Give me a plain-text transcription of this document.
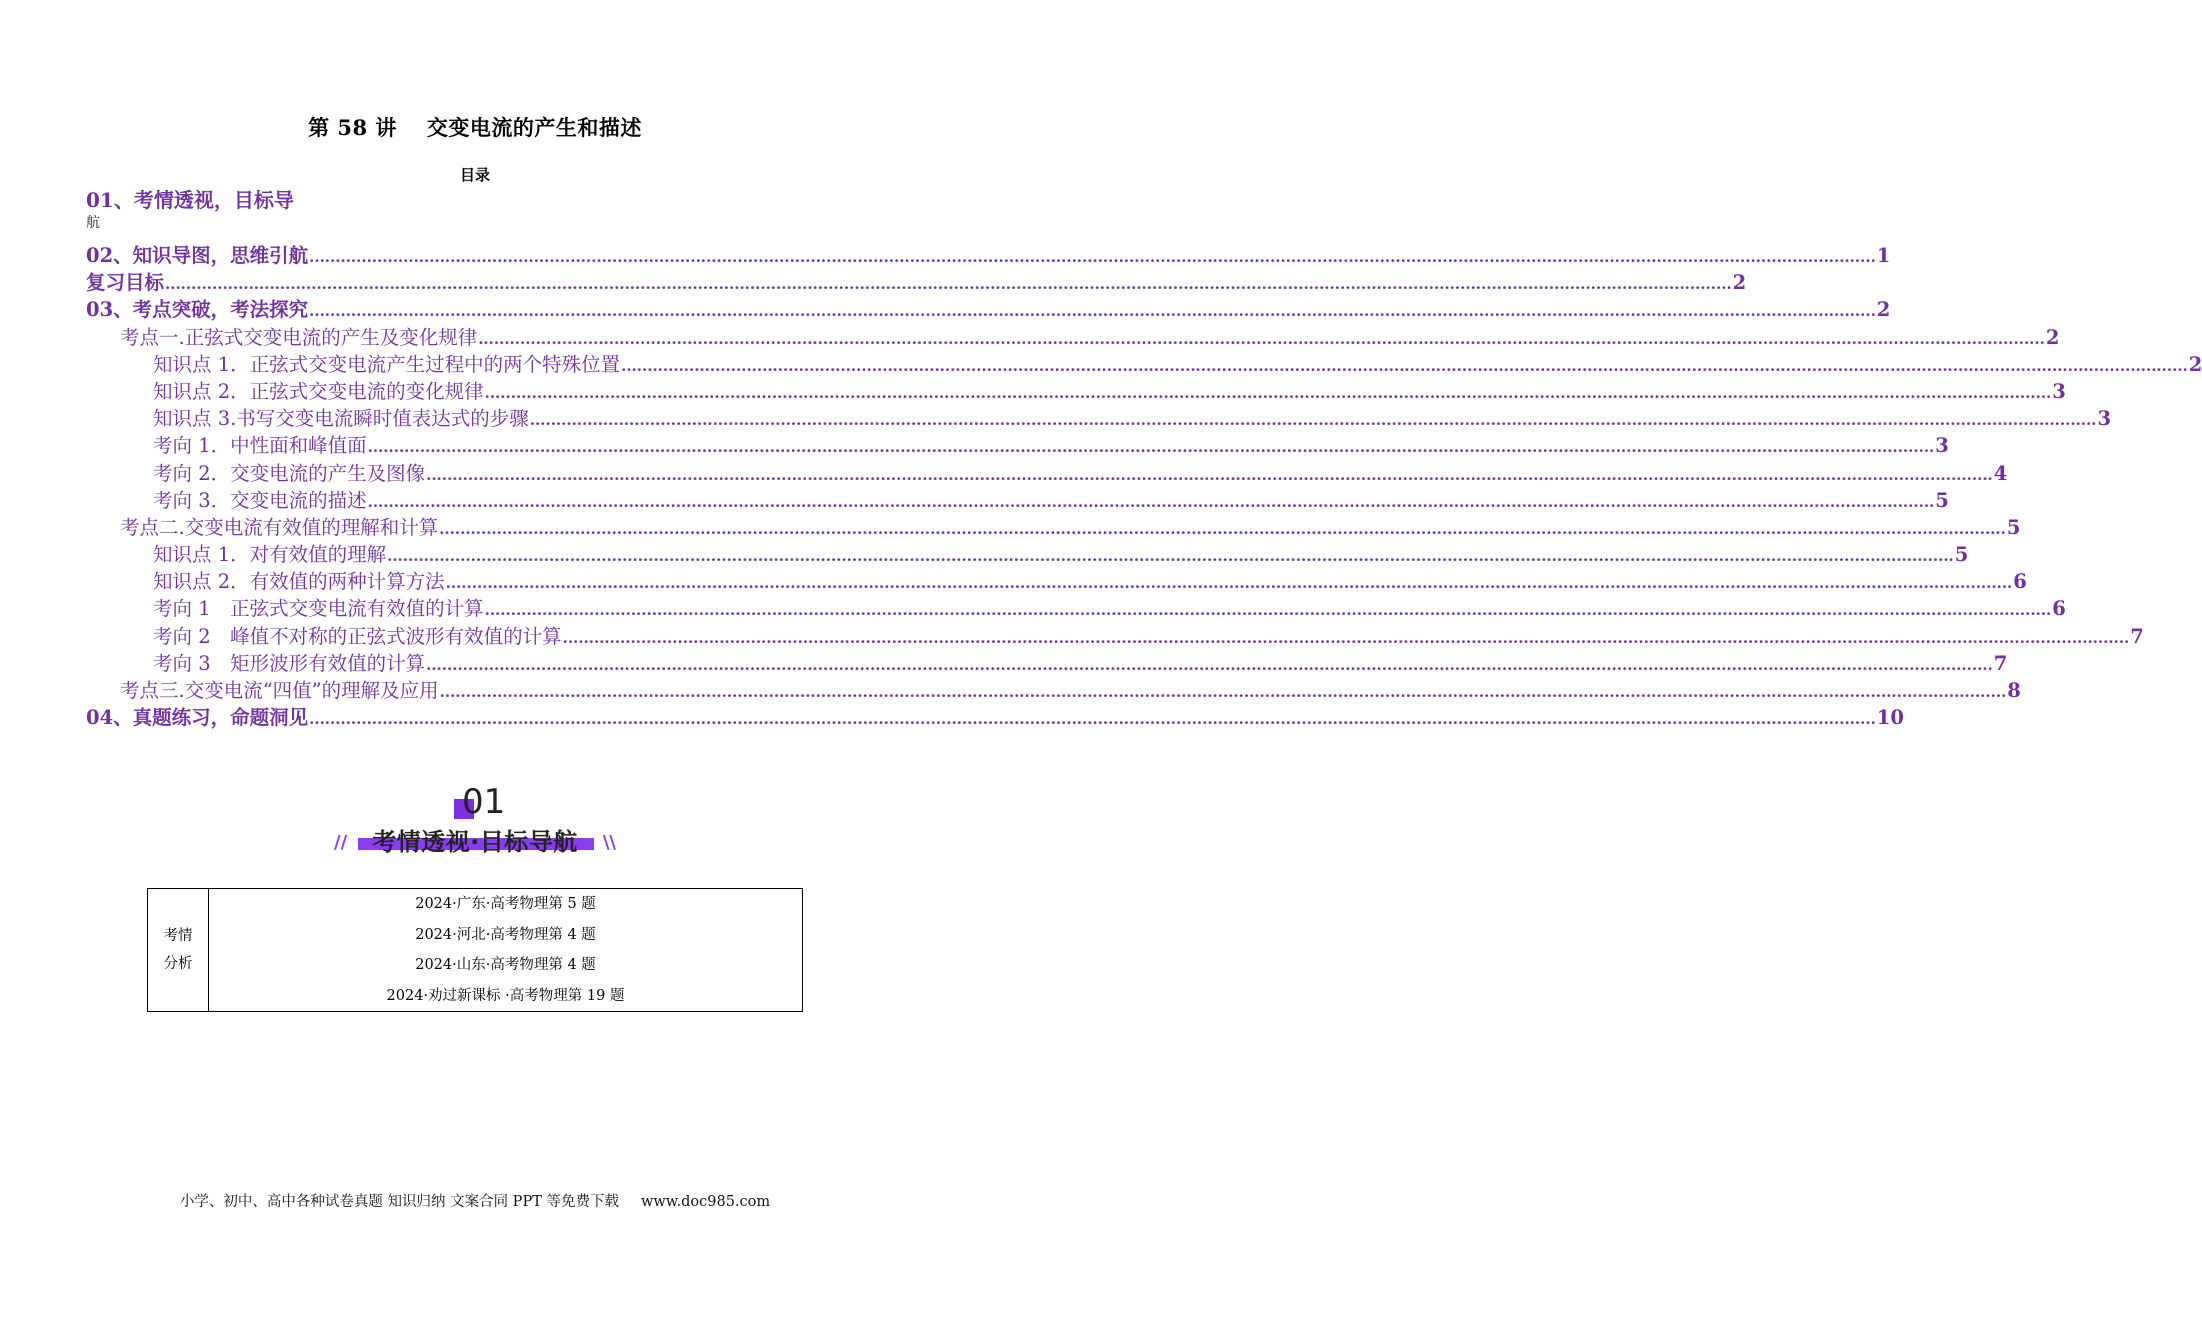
第 58 讲 交变电流的产生和描述
目录
01、考情透视，目标导
航
02、知识导图，思维引航 ............................................................................................................................................................................................................................................................................................................ 1
复习目标 ............................................................................................................................................................................................................................................................................................................ 2
03、考点突破，考法探究 ............................................................................................................................................................................................................................................................................................................ 2
考点一.正弦式交变电流的产生及变化规律 ............................................................................................................................................................................................................................................................................................................ 2
知识点 1．正弦式交变电流产生过程中的两个特殊位置 ............................................................................................................................................................................................................................................................................................................ 2
知识点 2．正弦式交变电流的变化规律 ............................................................................................................................................................................................................................................................................................................ 3
知识点 3.书写交变电流瞬时值表达式的步骤 ............................................................................................................................................................................................................................................................................................................ 3
考向 1．中性面和峰值面 ............................................................................................................................................................................................................................................................................................................ 3
考向 2．交变电流的产生及图像 ............................................................................................................................................................................................................................................................................................................ 4
考向 3．交变电流的描述 ............................................................................................................................................................................................................................................................................................................ 5
考点二.交变电流有效值的理解和计算 ............................................................................................................................................................................................................................................................................................................ 5
知识点 1．对有效值的理解 ............................................................................................................................................................................................................................................................................................................ 5
知识点 2．有效值的两种计算方法 ............................................................................................................................................................................................................................................................................................................ 6
考向 1　正弦式交变电流有效值的计算 ............................................................................................................................................................................................................................................................................................................ 6
考向 2　峰值不对称的正弦式波形有效值的计算 ............................................................................................................................................................................................................................................................................................................ 7
考向 3　矩形波形有效值的计算 ............................................................................................................................................................................................................................................................................................................ 7
考点三.交变电流“四值”的理解及应用 ............................................................................................................................................................................................................................................................................................................ 8
04、真题练习，命题洞见 ............................................................................................................................................................................................................................................................................................................ 10
01
//	考情透视·目标导航	\\
考情
分析

2024·广东·高考物理第 5 题
2024·河北·高考物理第 4 题
2024·山东·高考物理第 4 题
2024·劝过新课标 ·高考物理第 19 题
小学、初中、高中各种试卷真题 知识归纳 文案合同 PPT 等免费下载 www.doc985.com
